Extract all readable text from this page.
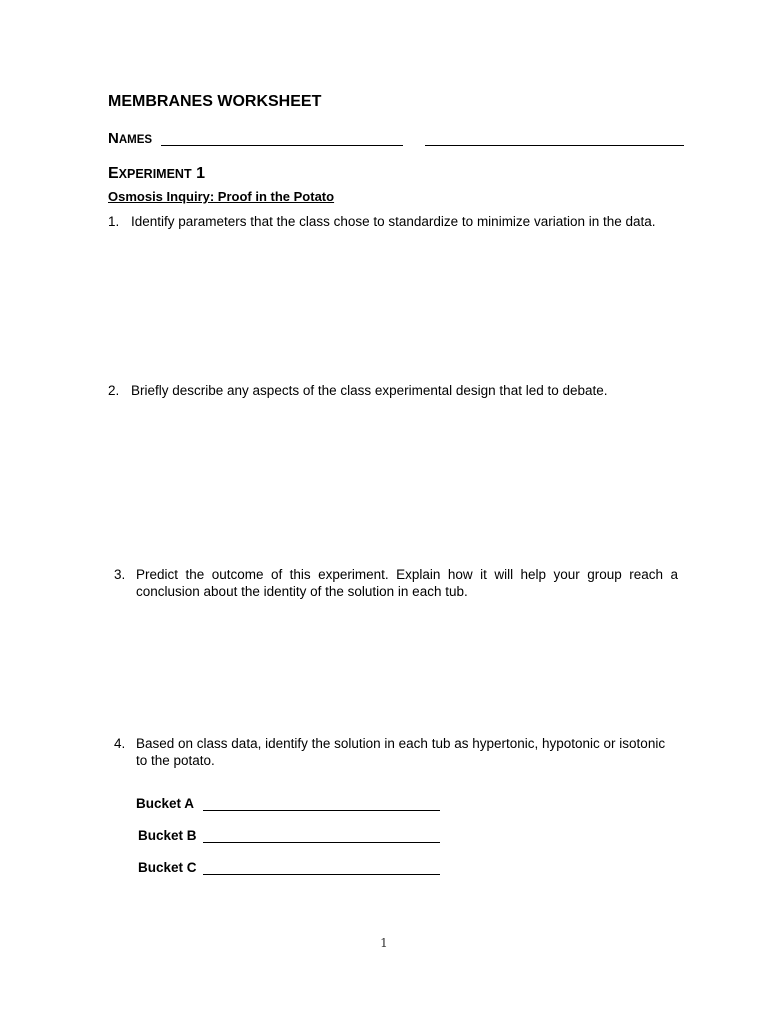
MEMBRANES WORKSHEET
NAMES
EXPERIMENT 1
Osmosis Inquiry: Proof in the Potato
1. Identify parameters that the class chose to standardize to minimize variation in the data.
2. Briefly describe any aspects of the class experimental design that led to debate.
3. Predict the outcome of this experiment. Explain how it will help your group reach a conclusion about the identity of the solution in each tub.
4. Based on class data, identify the solution in each tub as hypertonic, hypotonic or isotonic to the potato.
Bucket A
Bucket B
Bucket C
1
